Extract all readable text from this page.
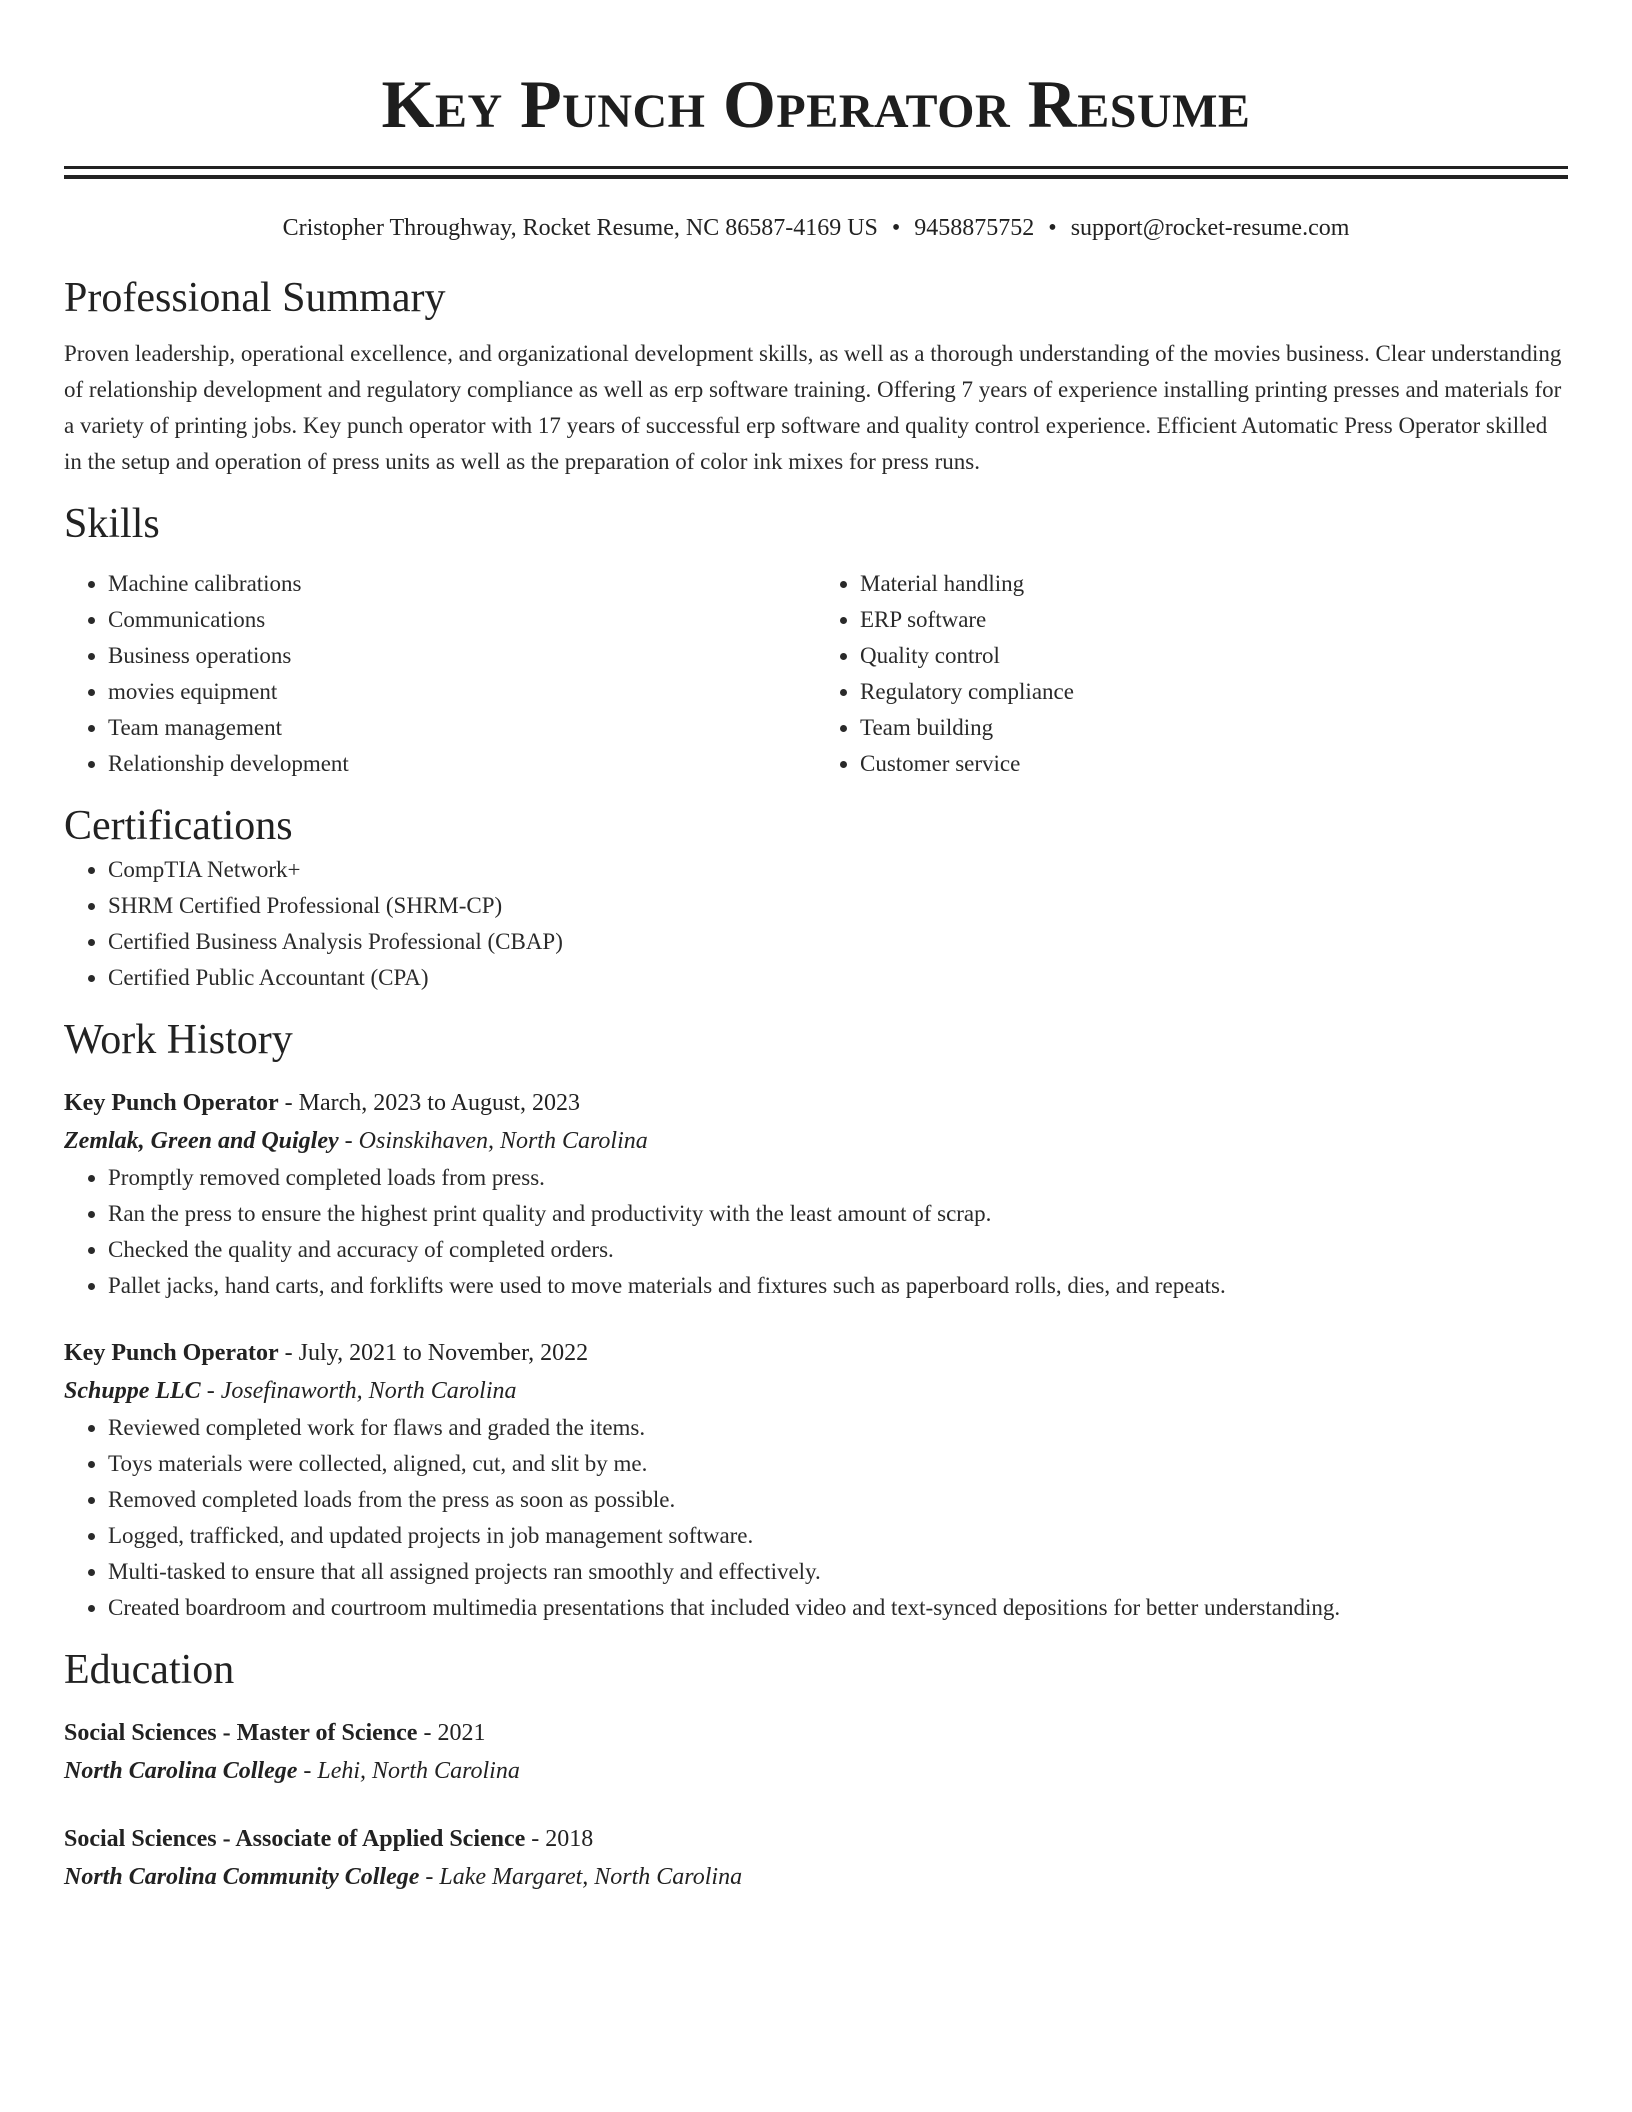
Key Punch Operator Resume
Cristopher Throughway, Rocket Resume, NC 86587-4169 US • 9458875752 • support@rocket-resume.com
Professional Summary
Proven leadership, operational excellence, and organizational development skills, as well as a thorough understanding of the movies business. Clear understanding of relationship development and regulatory compliance as well as erp software training. Offering 7 years of experience installing printing presses and materials for a variety of printing jobs. Key punch operator with 17 years of successful erp software and quality control experience. Efficient Automatic Press Operator skilled in the setup and operation of press units as well as the preparation of color ink mixes for press runs.
Skills
• Machine calibrations
• Communications
• Business operations
• movies equipment
• Team management
• Relationship development
• Material handling
• ERP software
• Quality control
• Regulatory compliance
• Team building
• Customer service
Certifications
• CompTIA Network+
• SHRM Certified Professional (SHRM-CP)
• Certified Business Analysis Professional (CBAP)
• Certified Public Accountant (CPA)
Work History
Key Punch Operator - March, 2023 to August, 2023
Zemlak, Green and Quigley - Osinskihaven, North Carolina
• Promptly removed completed loads from press.
• Ran the press to ensure the highest print quality and productivity with the least amount of scrap.
• Checked the quality and accuracy of completed orders.
• Pallet jacks, hand carts, and forklifts were used to move materials and fixtures such as paperboard rolls, dies, and repeats.
Key Punch Operator - July, 2021 to November, 2022
Schuppe LLC - Josefinaworth, North Carolina
• Reviewed completed work for flaws and graded the items.
• Toys materials were collected, aligned, cut, and slit by me.
• Removed completed loads from the press as soon as possible.
• Logged, trafficked, and updated projects in job management software.
• Multi-tasked to ensure that all assigned projects ran smoothly and effectively.
• Created boardroom and courtroom multimedia presentations that included video and text-synced depositions for better understanding.
Education
Social Sciences - Master of Science - 2021
North Carolina College - Lehi, North Carolina
Social Sciences - Associate of Applied Science - 2018
North Carolina Community College - Lake Margaret, North Carolina
